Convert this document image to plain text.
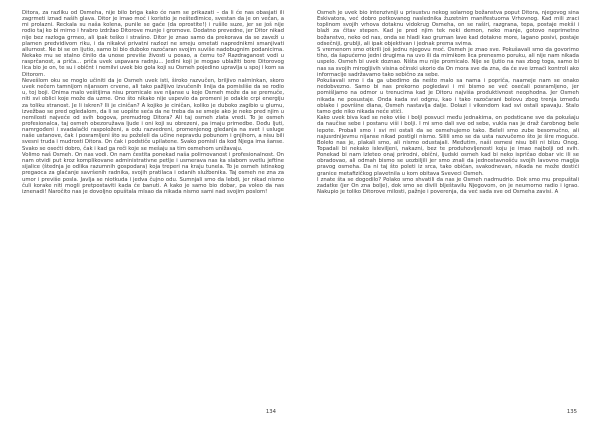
Ditora, za razliku od Osmeha, nije bilo briga kako će nam se prikazati – da li će nas obasjati ili zagrmeti iznad naših glava. Ditor je imao moć i koristio je nešteđimice, svestan da je on večan, a mi prolazni. Reckala su naša kolena, punile se gaće (da oprostite!) i rušile suze, jer se još nije rodio taj ko bi mirno i hrabro izdržao Ditorove munje i gromove. Dodatno prevedne, jer Ditor nikad nije bez razloga grmeo, ali ipak teško i strašno. Ditor je znao samo da prekorava da se zaveži u plamen predvidivom riku, i da nikakvi privatni razlozi ne smeju ometati naprednikmi smanjivati allurnost. Ne bi se on ljutio, samo bi bio duboko razočaran svojim suviše nadobugnim podanicima. Nekako mu se stalno činilo da unose previše živosti u posao, a čemu to? Razdraganost vodi u rasprčanost, a priča... priča uvek uspavara radnju... Jedini koji je mogao ublažiti bore Ditorovog lica bio je on, te su i običnt i nemilvi uvek bio gola koji su Osmeh pojedino upravlja u spoj i kom sa Ditorom.

Nevešlom oku se moglo učiniti da je Osmeh uvek isti, široko razvučen, briljivo nalminkan, skoro uvek nečem tamnijom nijansom crvene, ali tako pažljivo izvučenih linija da pomisliše da se rodio u, toj boji. Onima malo veštijima nisu promicale sve nijanse u koje Osmeh može da se premuče, niti svi oblici koje može da uzme. Ono što nikako nije uspevlo da promeni je odakle crpi energiju za toliku stranost. Je li iskren? Ili je ciničan? A kojiko je ciničan, koliko je duboko zagibio u glumu, izvežbao se pred ogledalom, da li se uopšte seća da ne treba da se smeje ako je neko pred njim u nemilosti najveće od svih bogova, premudrog Ditora? Ali taj osmeh zlata vredi. To je osmeh profesionalca, taj osmeh obezoružava ljude i oni koji su obrezeni, pa imaju primedbe. Dođu ljuti, namrgođeni i svadalački raspoloženi, a odu razvedreni, promenjenog gledanja na svet i usluge naše ustanove, čak i posramljeni što su poželeli da učine nepravdu pobunom i gnjihom, a nisu bili svesni truda i mudrosti Ditora. On čak i podstiče upilatene. Svako pomisli da kod Njega ima šanse. Svako se osećti dobro, čak i kad ga reči koje se mešaju sa tim osmehom unižavaju.

Volimo naš Osmeh. On nas vodi. On nam čestita ponekad naša polirnovanost i profesionalnost. On nam otvidi put kroz komplikovane administrativne petlje i usmerava nas ka slabom svetlu jeftine sijalice (štednja je odlika razumnih gospodara) koja treperi na kraju tunela. To je osmeh istinskog pregaoca za glačanje savršenih radnika, svojih pratilaca i odanih službenika. Taj osmeh ne zna za umor i previše posla. Javlja se niotkuda i jedva čujno odu. Sumnjali smo da lebdi, jer nikad nismo čuli korake niti mogli pretpostaviti kada će banuti. A kako je samo bio dobar, pa voleo da nas iznenadi! Naročito nas je dovoljno opuštala misao da nikada nismo sami nad svojim poslom!

134

Osmeh je uvek bio intenzivniji u prisustvu nekog solarnog božanstva poput Ditora, njegovog sina Eskivatora, već dobro potkovanog naslednika žuzetnim manifestuoma Vrhovnog. Kad mili zraci toplinom svojih vrhova dotaknu vidokrug Osmeha, on se raširi, razgrana, tepa, postaje mekši i blaži za čitav stepen. Kad je pred njim tek neki demon, neko manje, gotovo neprimetno božanstvo, neko od nas, onda se hladi kao gruman lave kad dotakne more, lagano posivi, postaje odsečniji, grublji, ali ipak objektivan i jednak prema svima.

S vremenom smo otkrili još jednu njegovu moć. Osmeh je znao sve. Pokušavali smo da govorimo tiho, da šapućemo jedni drugima na uvo ili da mimikom lica prenesmo poruku, ali nije nam nikada uspelo. Osmeh bi uvek doznao. Ništa mu nije promicalo. Nije se ljutio na nas zbog toga, samo bi nas sa svojih mirogljivih visina očinski ukorio da On mora sve da zna, da će sve izmaći kontroli ako informacije sadržavamo tako sebično za sebe.

Pokušavali smo i da ga ubedimo da nešto malo sa nama i popriča, naameje nam se onako nedobvezno. Samo bi nas prekorno pogledavi i mi bismo se več osećali posramljeno, jer pomišljamo na odmor u trenucima kad je Ditoru najviša produktivnost neophodna. Jer Osmeh nikada ne posustaje. Onda kada svi odgnu, kao i tako razočarani bolovu zbog trenja između oblake i površine diana, Osmeh nastavlja dalje. Dolazi i vikendom kad svi ostali spavaju. Stalo tamo gde niko nikada neće stići.

Kako uvek biva kad se neko više i bolji posvuci među jednakima, on podsticane sve da pokušaju da naučise sebe i postanu viši i bolji. I mi smo dali sve od sebe, vukla nas je draž čarobnog bele lepote. Probali smo i svi mi ostali da se osmehujemo tako. Beleli smo zube besomučno, ali najusrdnijevmu nijanse nikad postigli nismo. Silili smo se da usta razvučemo što je šire moguće. Boleło nas je, plakali smo, ali nismo odustajali. Međutim, naši osmesi nisu bili ni blizu Onog. Topadali bi nekako isleviljeni, nakazni, bez te produhovljenosti koju je imao najbolji od svih. Ponekad bi nam izleteo onaj prirodni, obični, ljudski osmeh kad bi neko ispričao dobar vic ili se obradovao, ali odmah bismo se uozbiljili jer smo znali da jednostavnošću svojih lavovno magija pravog osmeha. Da ni taj što poleti iz srca, tako običan, svakodnevan, nikada ne može dostići granice metafizičkog plavetnila u kom obitava Sveveci Osmeh.

I znate šta se dogodilo? Polako smo shvatili da nas je Osmeh nadmudrio. Dok smo mu prepuštali zadatke (jer On zna bolje), dok smo se divili blještavilu Njegovom, on je neumorno radio i igrao. Nakupio je toliko Ditorove milosti, pažnje i poverenja, da već sada sve od Osmeha zavisi. A

135
